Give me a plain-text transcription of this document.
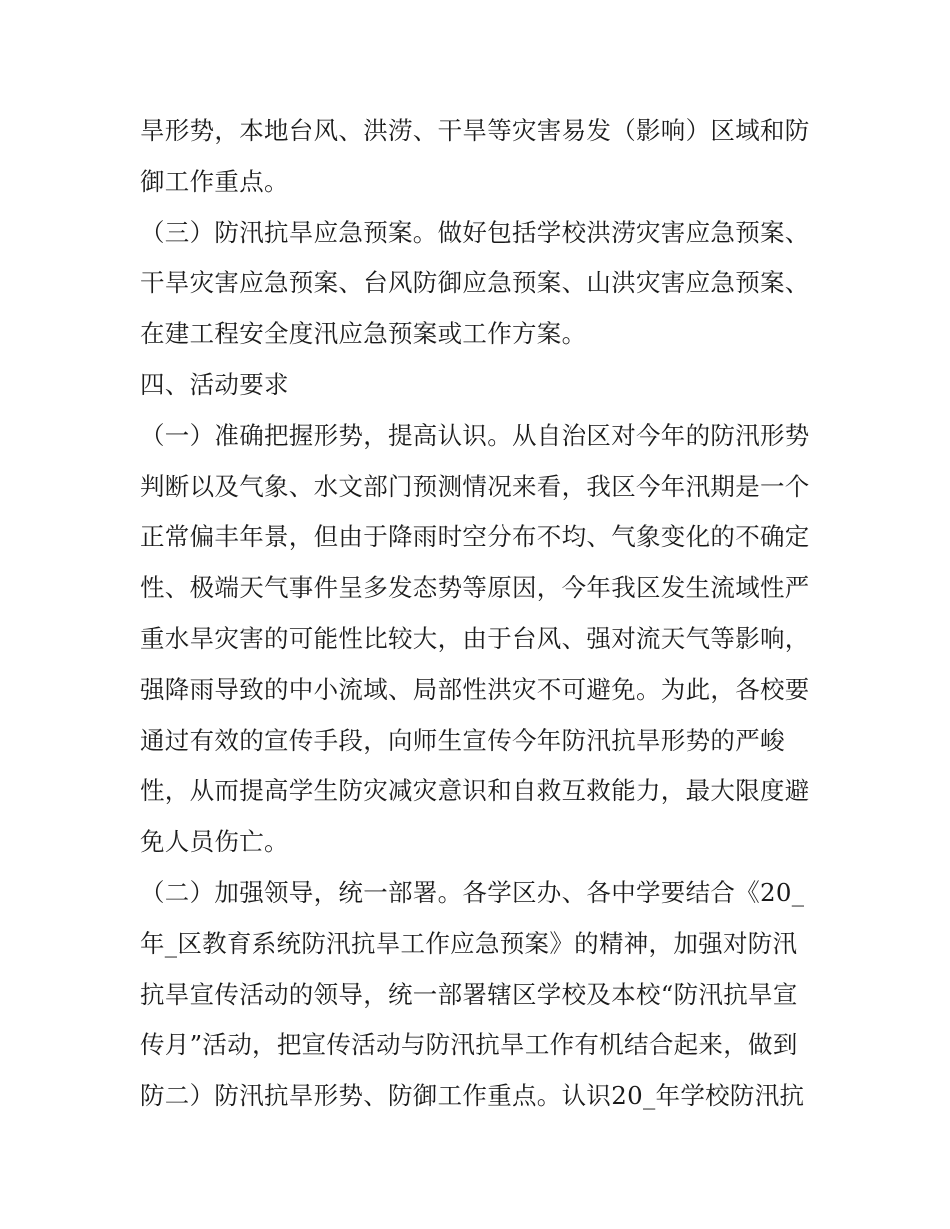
旱形势，本地台风、洪涝、干旱等灾害易发（影响）区域和防
御工作重点。
（三）防汛抗旱应急预案。做好包括学校洪涝灾害应急预案、
干旱灾害应急预案、台风防御应急预案、山洪灾害应急预案、
在建工程安全度汛应急预案或工作方案。
四、活动要求
（一）准确把握形势，提高认识。从自治区对今年的防汛形势
判断以及气象、水文部门预测情况来看，我区今年汛期是一个
正常偏丰年景，但由于降雨时空分布不均、气象变化的不确定
性、极端天气事件呈多发态势等原因，今年我区发生流域性严
重水旱灾害的可能性比较大，由于台风、强对流天气等影响，
强降雨导致的中小流域、局部性洪灾不可避免。为此，各校要
通过有效的宣传手段，向师生宣传今年防汛抗旱形势的严峻
性，从而提高学生防灾减灾意识和自救互救能力，最大限度避
免人员伤亡。
（二）加强领导，统一部署。各学区办、各中学要结合《20_
年_区教育系统防汛抗旱工作应急预案》的精神，加强对防汛
抗旱宣传活动的领导，统一部署辖区学校及本校“防汛抗旱宣
传月”活动，把宣传活动与防汛抗旱工作有机结合起来，做到
防二）防汛抗旱形势、防御工作重点。认识20_年学校防汛抗
